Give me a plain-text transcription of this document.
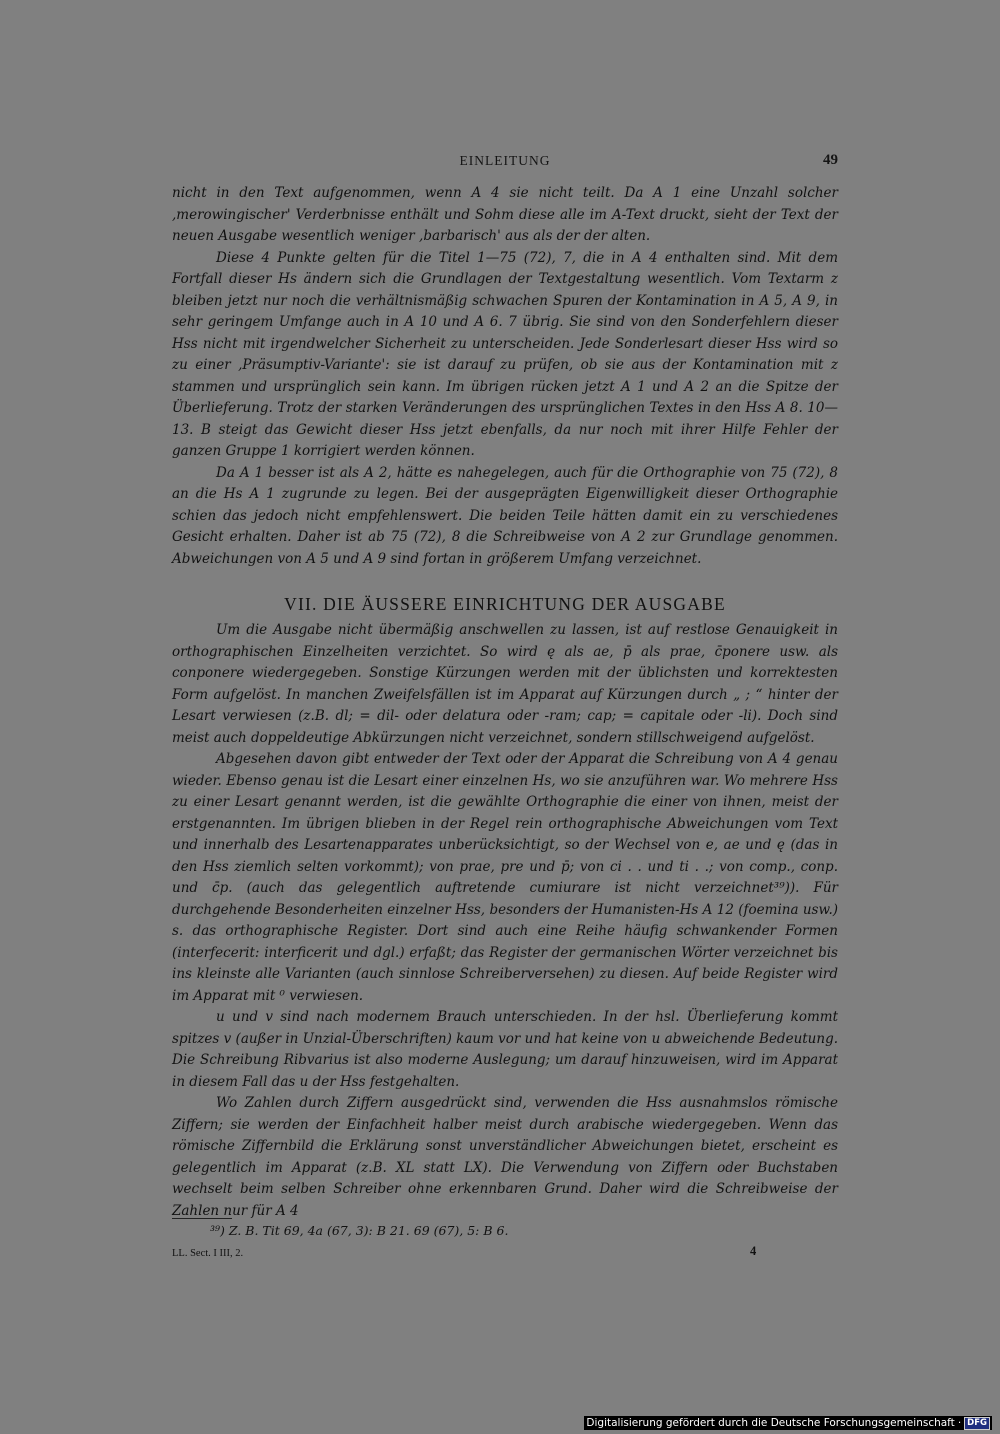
EINLEITUNG	49

nicht in den Text aufgenommen, wenn A 4 sie nicht teilt. Da A 1 eine Unzahl solcher ,merowingischer' Verderbnisse enthält und Sohm diese alle im A-Text druckt, sieht der Text der neuen Ausgabe wesentlich weniger ,barbarisch' aus als der der alten.

Diese 4 Punkte gelten für die Titel 1—75 (72), 7, die in A 4 enthalten sind. Mit dem Fortfall dieser Hs ändern sich die Grundlagen der Textgestaltung wesentlich. Vom Textarm z bleiben jetzt nur noch die verhältnismäßig schwachen Spuren der Kontamination in A 5, A 9, in sehr geringem Umfange auch in A 10 und A 6. 7 übrig. Sie sind von den Sonderfehlern dieser Hss nicht mit irgendwelcher Sicherheit zu unterscheiden. Jede Sonderlesart dieser Hss wird so zu einer ,Präsumptiv-Variante': sie ist darauf zu prüfen, ob sie aus der Kontamination mit z stammen und ursprünglich sein kann. Im übrigen rücken jetzt A 1 und A 2 an die Spitze der Überlieferung. Trotz der starken Veränderungen des ursprünglichen Textes in den Hss A 8. 10—13. B steigt das Gewicht dieser Hss jetzt ebenfalls, da nur noch mit ihrer Hilfe Fehler der ganzen Gruppe 1 korrigiert werden können.

Da A 1 besser ist als A 2, hätte es nahegelegen, auch für die Orthographie von 75 (72), 8 an die Hs A 1 zugrunde zu legen. Bei der ausgeprägten Eigenwilligkeit dieser Orthographie schien das jedoch nicht empfehlenswert. Die beiden Teile hätten damit ein zu verschiedenes Gesicht erhalten. Daher ist ab 75 (72), 8 die Schreibweise von A 2 zur Grundlage genommen. Abweichungen von A 5 und A 9 sind fortan in größerem Umfang verzeichnet.

VII. DIE ÄUSSERE EINRICHTUNG DER AUSGABE

Um die Ausgabe nicht übermäßig anschwellen zu lassen, ist auf restlose Genauigkeit in orthographischen Einzelheiten verzichtet. So wird ę als ae, p̄ als prae, c̄ponere usw. als conponere wiedergegeben. Sonstige Kürzungen werden mit der üblichsten und korrektesten Form aufgelöst. In manchen Zweifelsfällen ist im Apparat auf Kürzungen durch „ ; “ hinter der Lesart verwiesen (z.B. dl; = dil- oder delatura oder -ram; cap; = capitale oder -li). Doch sind meist auch doppeldeutige Abkürzungen nicht verzeichnet, sondern stillschweigend aufgelöst.

Abgesehen davon gibt entweder der Text oder der Apparat die Schreibung von A 4 genau wieder. Ebenso genau ist die Lesart einer einzelnen Hs, wo sie anzuführen war. Wo mehrere Hss zu einer Lesart genannt werden, ist die gewählte Orthographie die einer von ihnen, meist der erstgenannten. Im übrigen blieben in der Regel rein orthographische Abweichungen vom Text und innerhalb des Lesartenapparates unberücksichtigt, so der Wechsel von e, ae und ę (das in den Hss ziemlich selten vorkommt); von prae, pre und p̄; von ci . . und ti . .; von comp., conp. und c̄p. (auch das gelegentlich auftretende cumiurare ist nicht verzeichnet³⁹)). Für durchgehende Besonderheiten einzelner Hss, besonders der Humanisten-Hs A 12 (foemina usw.) s. das orthographische Register. Dort sind auch eine Reihe häufig schwankender Formen (interfecerit: interficerit und dgl.) erfaßt; das Register der germanischen Wörter verzeichnet bis ins kleinste alle Varianten (auch sinnlose Schreiberversehen) zu diesen. Auf beide Register wird im Apparat mit ⁰ verwiesen.

u und v sind nach modernem Brauch unterschieden. In der hsl. Überlieferung kommt spitzes v (außer in Unzial-Überschriften) kaum vor und hat keine von u abweichende Bedeutung. Die Schreibung Ribvarius ist also moderne Auslegung; um darauf hinzuweisen, wird im Apparat in diesem Fall das u der Hss festgehalten.

Wo Zahlen durch Ziffern ausgedrückt sind, verwenden die Hss ausnahmslos römische Ziffern; sie werden der Einfachheit halber meist durch arabische wiedergegeben. Wenn das römische Ziffernbild die Erklärung sonst unverständlicher Abweichungen bietet, erscheint es gelegentlich im Apparat (z.B. XL statt LX). Die Verwendung von Ziffern oder Buchstaben wechselt beim selben Schreiber ohne erkennbaren Grund. Daher wird die Schreibweise der Zahlen nur für A 4

³⁹) Z. B. Tit 69, 4a (67, 3): B 21. 69 (67), 5: B 6.
LL. Sect. I III, 2.	4
Digitalisierung gefördert durch die Deutsche Forschungsgemeinschaft · DFG
